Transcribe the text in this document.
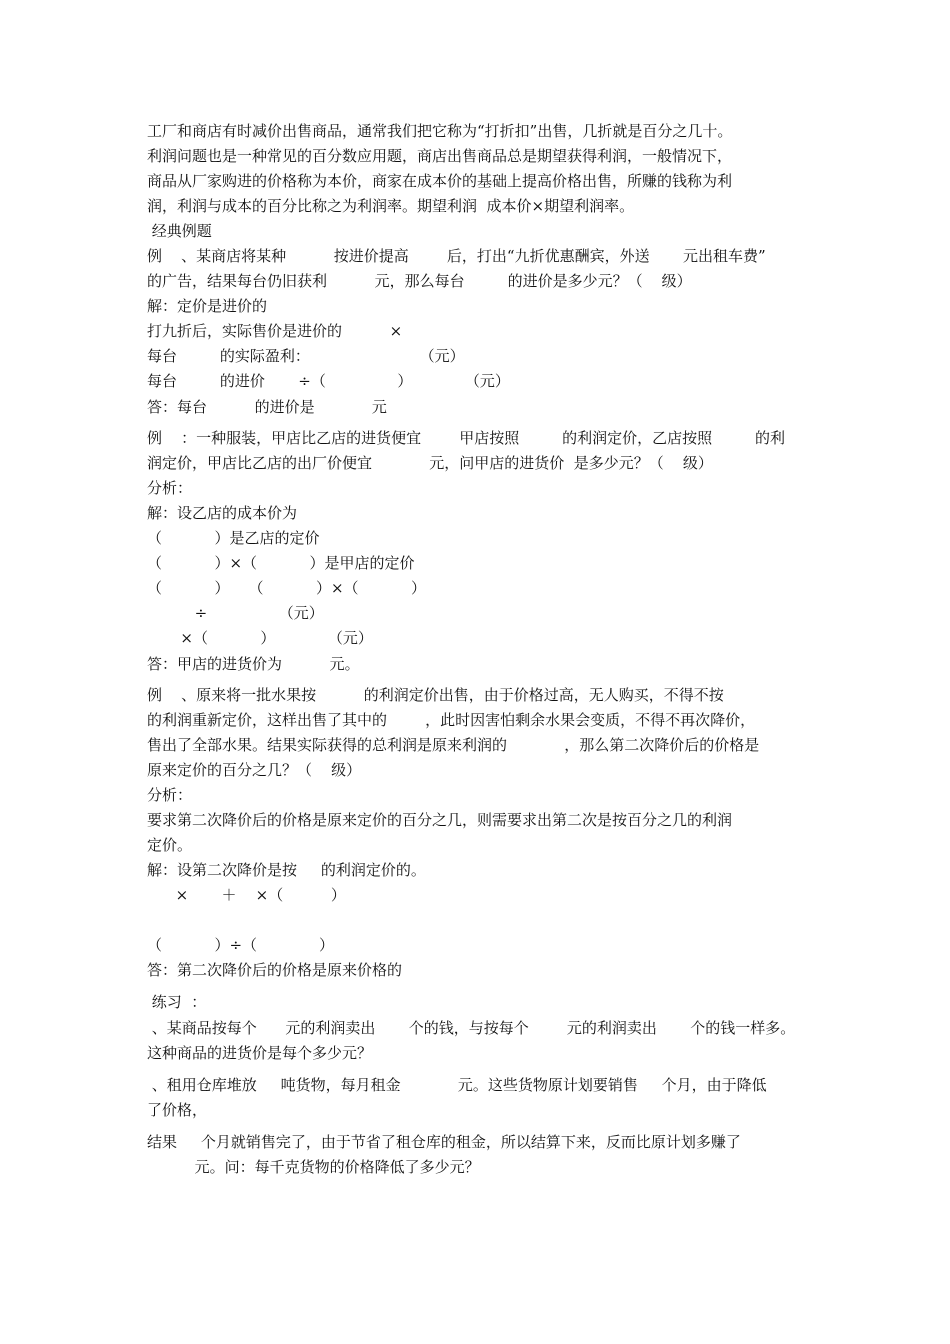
工厂和商店有时减价出售商品，通常我们把它称为“打折扣”出售，几折就是百分之几十。
利润问题也是一种常见的百分数应用题，商店出售商品总是期望获得利润，一般情况下，
商品从厂家购进的价格称为本价，商家在成本价的基础上提高价格出售，所赚的钱称为利
润，利润与成本的百分比称之为利润率。期望利润  成本价×期望利润率。
经典例题
例    、某商店将某种          按进价提高        后，打出“九折优惠酬宾，外送       元出租车费”
的广告，结果每台仍旧获利          元，那么每台         的进价是多少元？（    级）
解：定价是进价的
打九折后，实际售价是进价的          ×
每台         的实际盈利：                       （元）
每台         的进价       ÷（               ）           （元）
答：每台          的进价是            元
例    ：一种服装，甲店比乙店的进货便宜        甲店按照         的利润定价，乙店按照         的利
润定价，甲店比乙店的出厂价便宜            元，问甲店的进货价  是多少元？（    级）
分析：
解：设乙店的成本价为
（           ）是乙店的定价
（           ）×（           ）是甲店的定价
（           ）    （           ）×（           ）
÷               （元）
×（           ）           （元）
答：甲店的进货价为          元。
例    、原来将一批水果按          的利润定价出售，由于价格过高，无人购买，不得不按
的利润重新定价，这样出售了其中的        ，此时因害怕剩余水果会变质，不得不再次降价，
售出了全部水果。结果实际获得的总利润是原来利润的            ，那么第二次降价后的价格是
原来定价的百分之几？（    级）
分析：
要求第二次降价后的价格是原来定价的百分之几，则需要求出第二次是按百分之几的利润
定价。
解：设第二次降价是按     的利润定价的。
×       ＋    ×（          ）
（           ）÷（             ）
答：第二次降价后的价格是原来价格的
练习  ：
、某商品按每个      元的利润卖出       个的钱，与按每个        元的利润卖出       个的钱一样多。
这种商品的进货价是每个多少元？
、租用仓库堆放     吨货物，每月租金            元。这些货物原计划要销售     个月，由于降低
了价格，
结果     个月就销售完了，由于节省了租仓库的租金，所以结算下来，反而比原计划多赚了
元。问：每千克货物的价格降低了多少元？
